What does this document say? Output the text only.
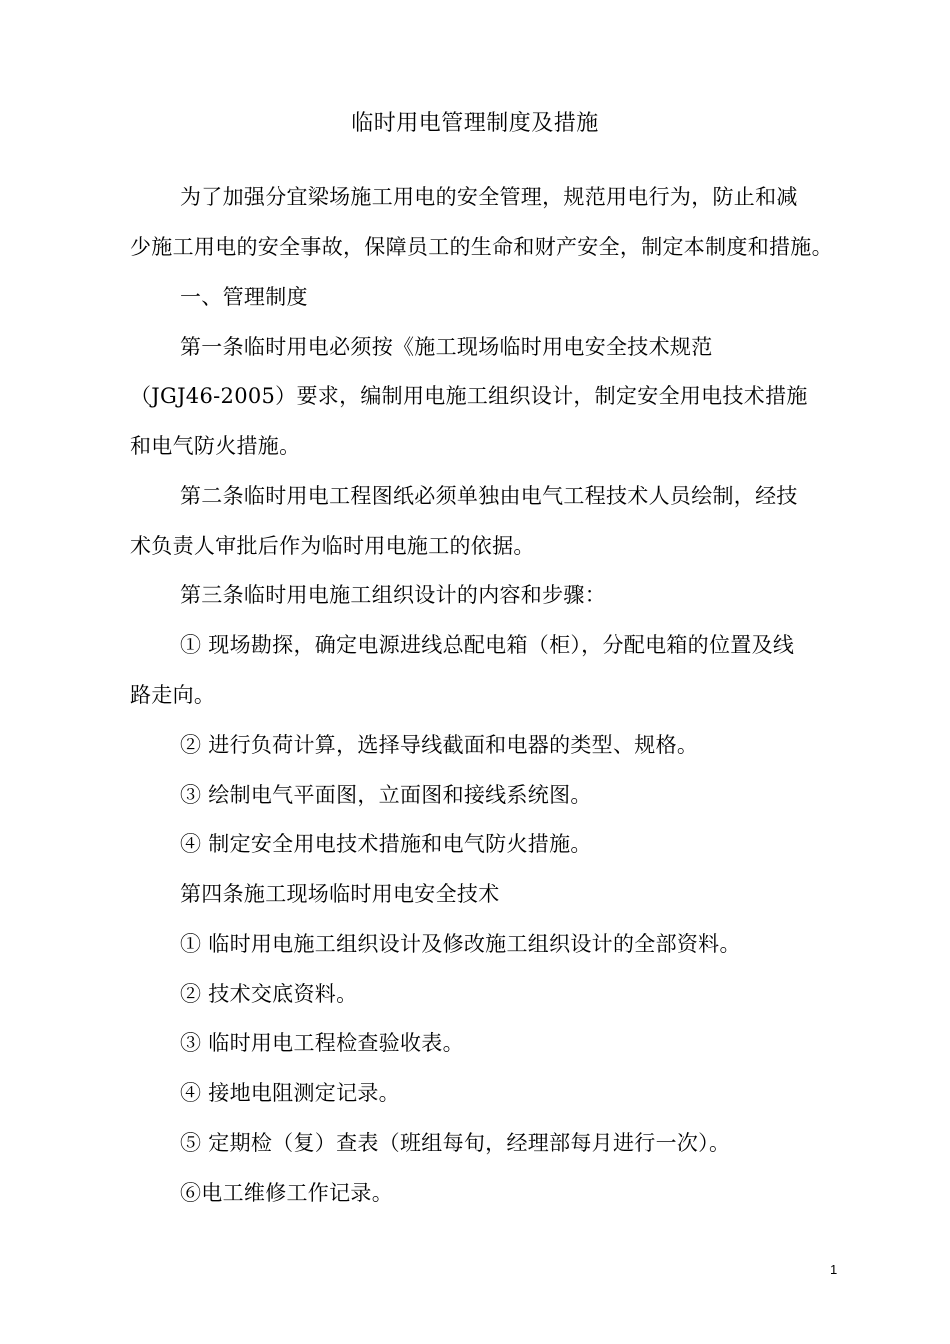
临时用电管理制度及措施
为了加强分宜梁场施工用电的安全管理，规范用电行为，防止和减
少施工用电的安全事故，保障员工的生命和财产安全，制定本制度和措施。
一、管理制度
第一条临时用电必须按《施工现场临时用电安全技术规范
（JGJ46-2005）要求，编制用电施工组织设计，制定安全用电技术措施
和电气防火措施。
第二条临时用电工程图纸必须单独由电气工程技术人员绘制，经技
术负责人审批后作为临时用电施工的依据。
第三条临时用电施工组织设计的内容和步骤：
① 现场勘探，确定电源进线总配电箱（柜），分配电箱的位置及线
路走向。
② 进行负荷计算，选择导线截面和电器的类型、规格。
③ 绘制电气平面图，立面图和接线系统图。
④ 制定安全用电技术措施和电气防火措施。
第四条施工现场临时用电安全技术
① 临时用电施工组织设计及修改施工组织设计的全部资料。
② 技术交底资料。
③ 临时用电工程检查验收表。
④ 接地电阻测定记录。
⑤ 定期检（复）查表（班组每旬，经理部每月进行一次）。
⑥电工维修工作记录。
1
